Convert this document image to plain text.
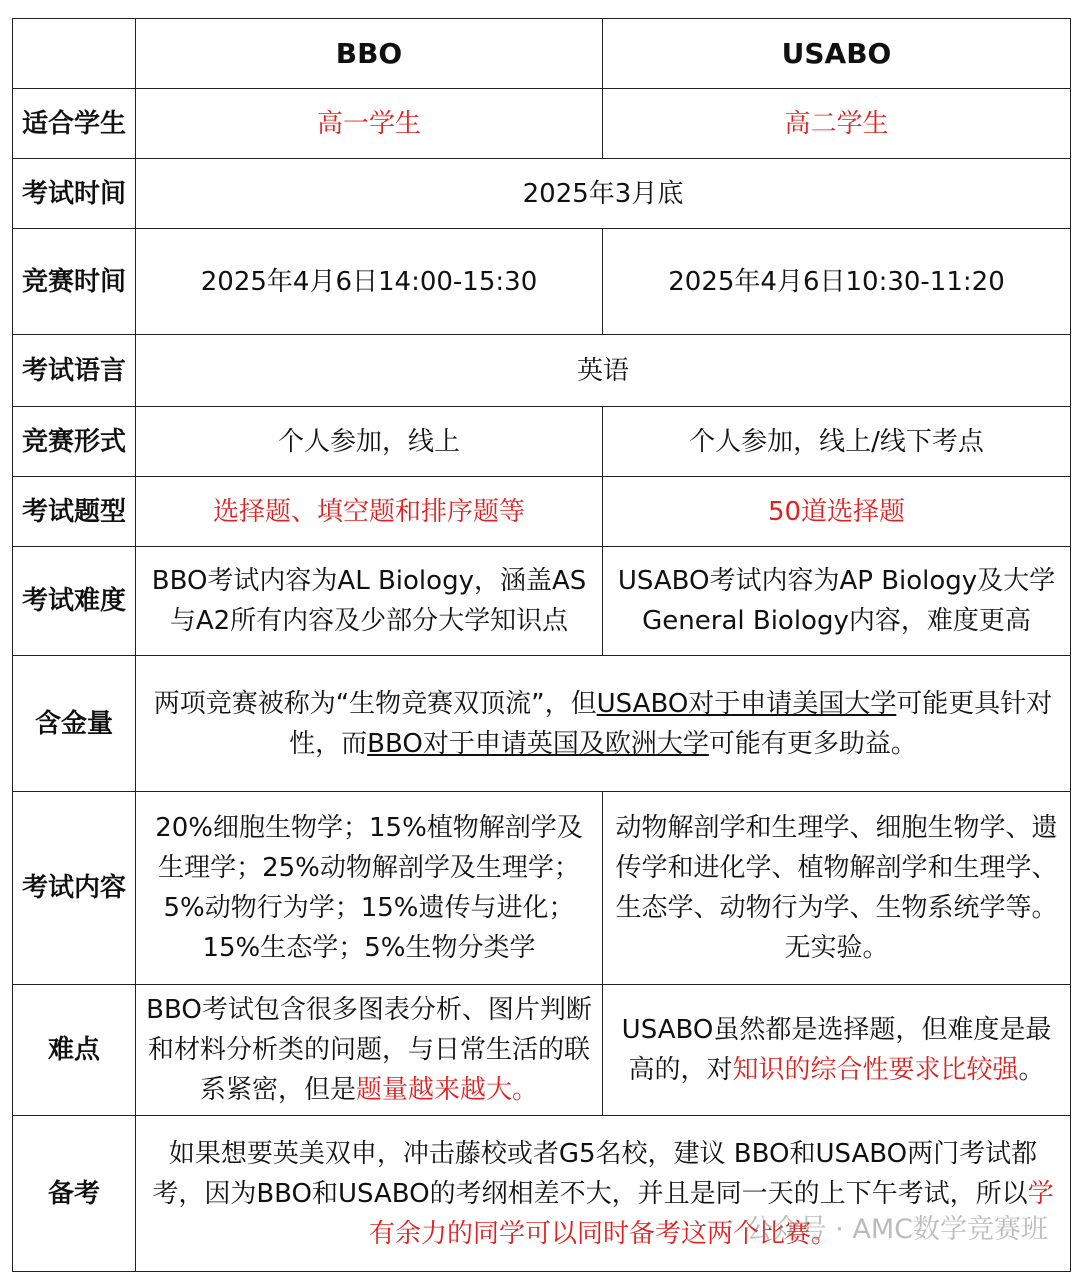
	BBO	USABO
适合学生	高一学生	高二学生
考试时间	2025年3月底	
竞赛时间	2025年4月6日14:00-15:30	2025年4月6日10:30-11:20
考试语言	英语	
竞赛形式	个人参加，线上	个人参加，线上/线下考点
考试题型	选择题、填空题和排序题等	50道选择题
考试难度	BBO考试内容为AL Biology，涵盖AS与A2所有内容及少部分大学知识点	USABO考试内容为AP Biology及大学General Biology内容，难度更高
含金量	两项竞赛被称为“生物竞赛双顶流”，但USABO对于申请美国大学可能更具针对性，而BBO对于申请英国及欧洲大学可能有更多助益。	
考试内容	20%细胞生物学；15%植物解剖学及生理学；25%动物解剖学及生理学；5%动物行为学；15%遗传与进化；15%生态学；5%生物分类学	动物解剖学和生理学、细胞生物学、遗传学和进化学、植物解剖学和生理学、生态学、动物行为学、生物系统学等。无实验。
难点	BBO考试包含很多图表分析、图片判断和材料分析类的问题，与日常生活的联系紧密，但是题量越来越大。	USABO虽然都是选择题，但难度是最高的，对知识的综合性要求比较强。
备考	如果想要英美双申，冲击藤校或者G5名校，建议 BBO和USABO两门考试都考，因为BBO和USABO的考纲相差不大，并且是同一天的上下午考试，所以学有余力的同学可以同时备考这两个比赛。	
公众号 · AMC数学竞赛班
